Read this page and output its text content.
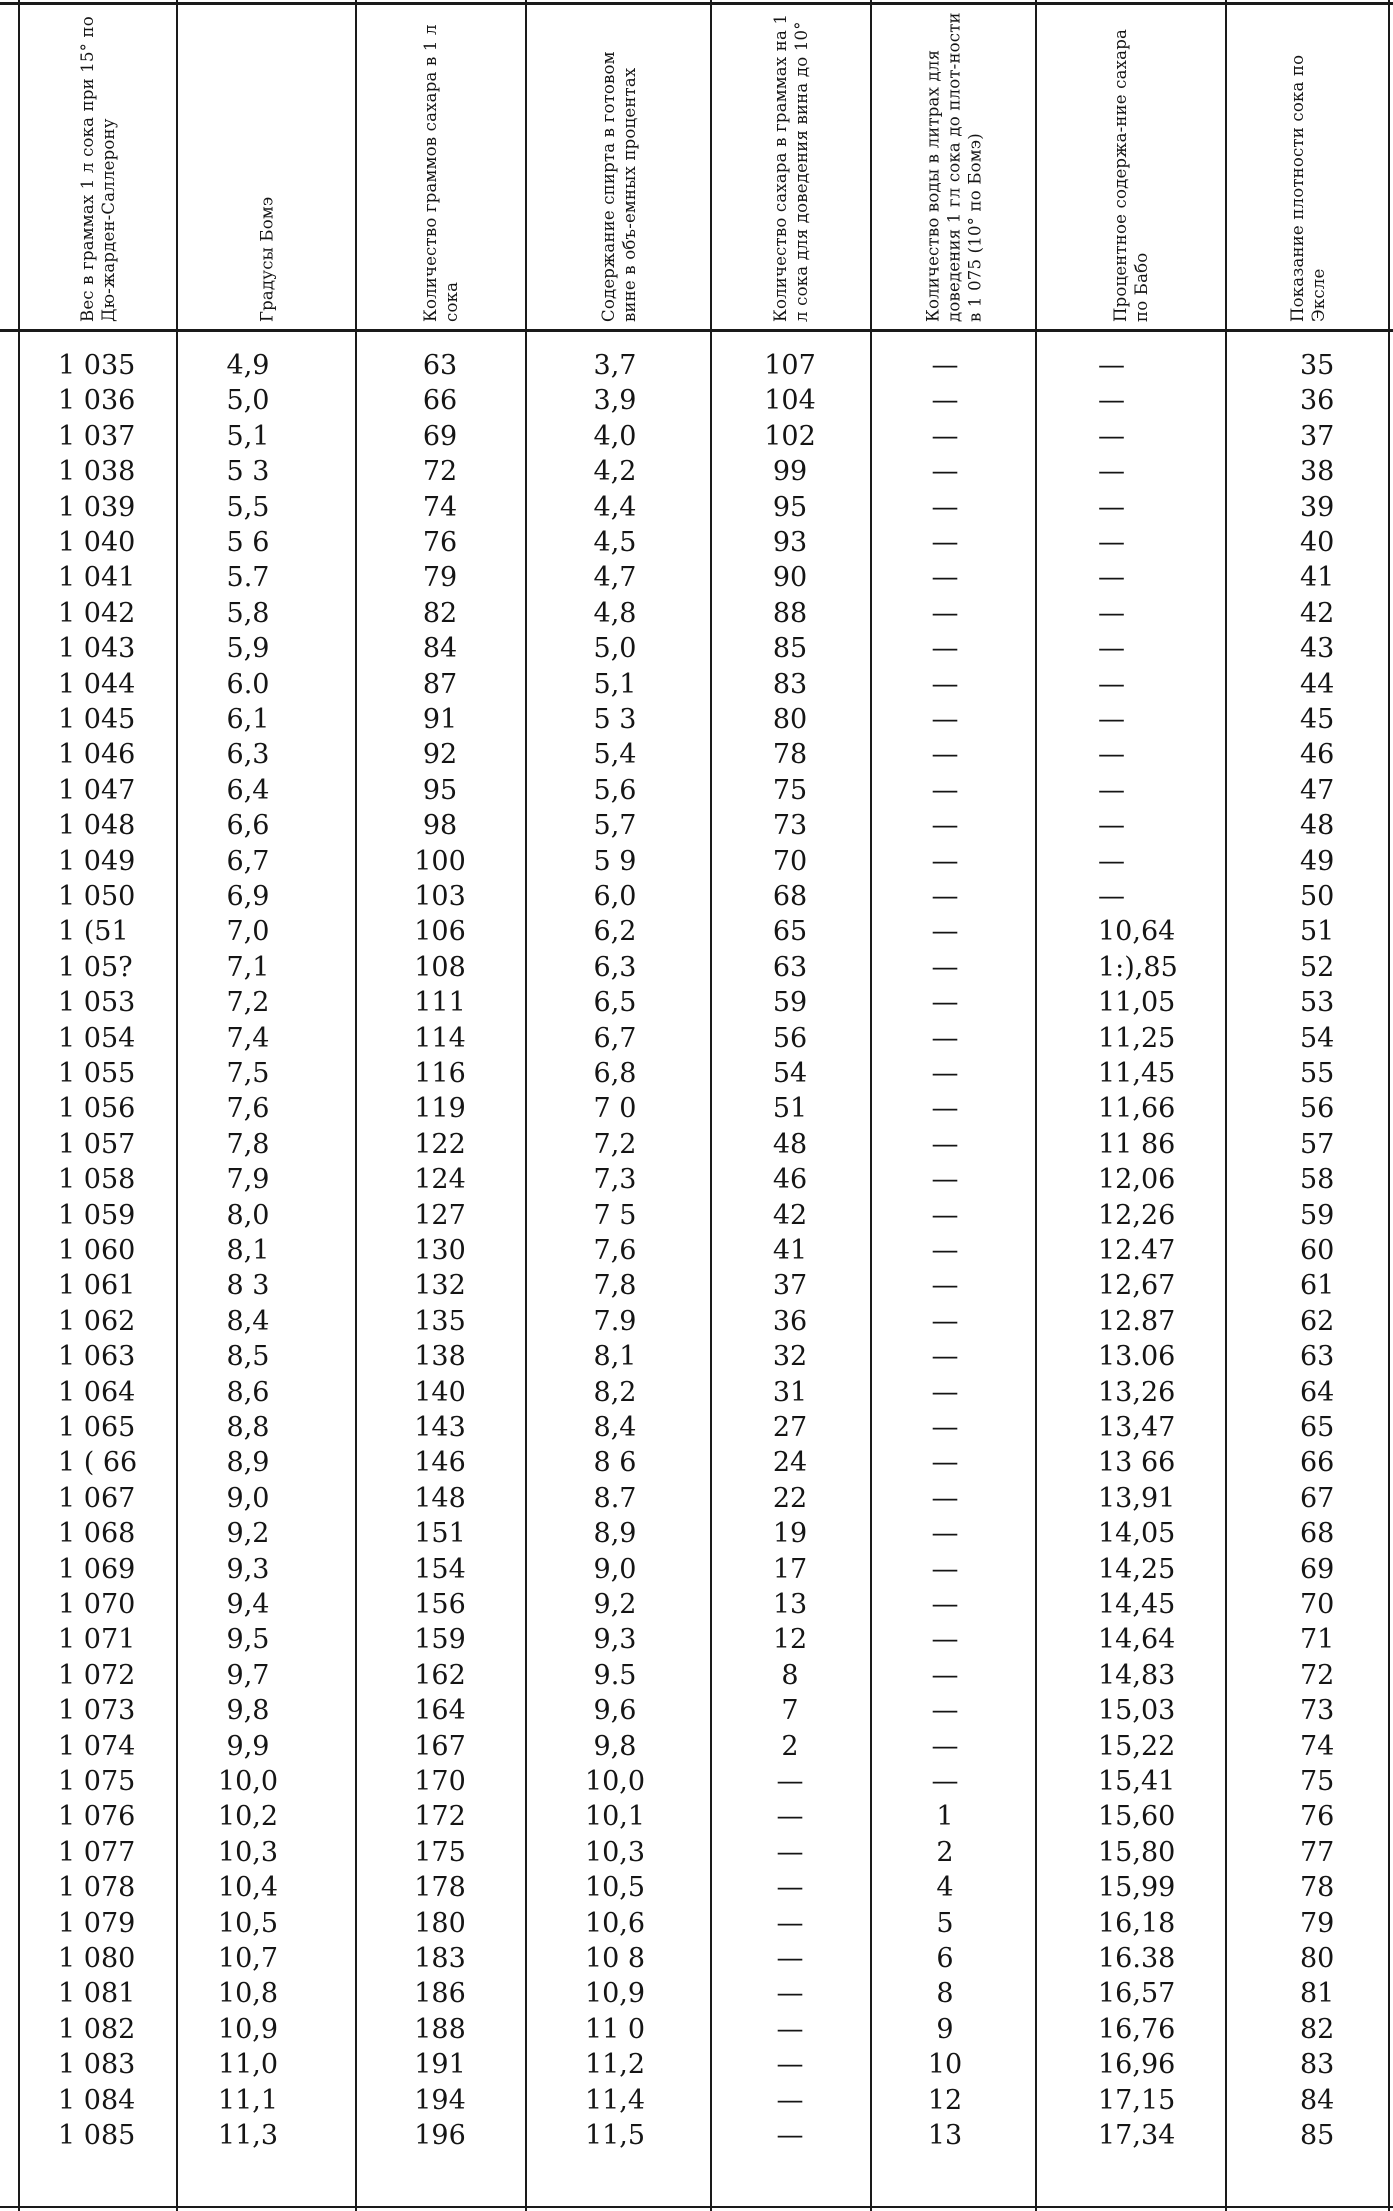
Вес в граммах 1 л сока при 15° по Дю-жарден-Саллерону	Градусы Бомэ	Количество граммов сахара в 1 л сока	Содержание спирта в готовом вине в объ-емных процентах	Количество сахара в граммах на 1 л сока для доведения вина до 10°	Количество воды в литрах для доведения 1 гл сока до плот-ности в 1 075 (10° по Бомэ)	Процентное содержа-ние сахара по Бабо	Показание плотности сока по Эксле
1 035	4,9	63	3,7	107	—	—	35
1 036	5,0	66	3,9	104	—	—	36
1 037	5,1	69	4,0	102	—	—	37
1 038	5 3	72	4,2	99	—	—	38
1 039	5,5	74	4,4	95	—	—	39
1 040	5 6	76	4,5	93	—	—	40
1 041	5.7	79	4,7	90	—	—	41
1 042	5,8	82	4,8	88	—	—	42
1 043	5,9	84	5,0	85	—	—	43
1 044	6.0	87	5,1	83	—	—	44
1 045	6,1	91	5 3	80	—	—	45
1 046	6,3	92	5,4	78	—	—	46
1 047	6,4	95	5,6	75	—	—	47
1 048	6,6	98	5,7	73	—	—	48
1 049	6,7	100	5 9	70	—	—	49
1 050	6,9	103	6,0	68	—	—	50
1 (51	7,0	106	6,2	65	—	10,64	51
1 05?	7,1	108	6,3	63	—	1:),85	52
1 053	7,2	111	6,5	59	—	11,05	53
1 054	7,4	114	6,7	56	—	11,25	54
1 055	7,5	116	6,8	54	—	11,45	55
1 056	7,6	119	7 0	51	—	11,66	56
1 057	7,8	122	7,2	48	—	11 86	57
1 058	7,9	124	7,3	46	—	12,06	58
1 059	8,0	127	7 5	42	—	12,26	59
1 060	8,1	130	7,6	41	—	12.47	60
1 061	8 3	132	7,8	37	—	12,67	61
1 062	8,4	135	7.9	36	—	12.87	62
1 063	8,5	138	8,1	32	—	13.06	63
1 064	8,6	140	8,2	31	—	13,26	64
1 065	8,8	143	8,4	27	—	13,47	65
1 ( 66	8,9	146	8 6	24	—	13 66	66
1 067	9,0	148	8.7	22	—	13,91	67
1 068	9,2	151	8,9	19	—	14,05	68
1 069	9,3	154	9,0	17	—	14,25	69
1 070	9,4	156	9,2	13	—	14,45	70
1 071	9,5	159	9,3	12	—	14,64	71
1 072	9,7	162	9.5	8	—	14,83	72
1 073	9,8	164	9,6	7	—	15,03	73
1 074	9,9	167	9,8	2	—	15,22	74
1 075	10,0	170	10,0	—	—	15,41	75
1 076	10,2	172	10,1	—	1	15,60	76
1 077	10,3	175	10,3	—	2	15,80	77
1 078	10,4	178	10,5	—	4	15,99	78
1 079	10,5	180	10,6	—	5	16,18	79
1 080	10,7	183	10 8	—	6	16.38	80
1 081	10,8	186	10,9	—	8	16,57	81
1 082	10,9	188	11 0	—	9	16,76	82
1 083	11,0	191	11,2	—	10	16,96	83
1 084	11,1	194	11,4	—	12	17,15	84
1 085	11,3	196	11,5	—	13	17,34	85
